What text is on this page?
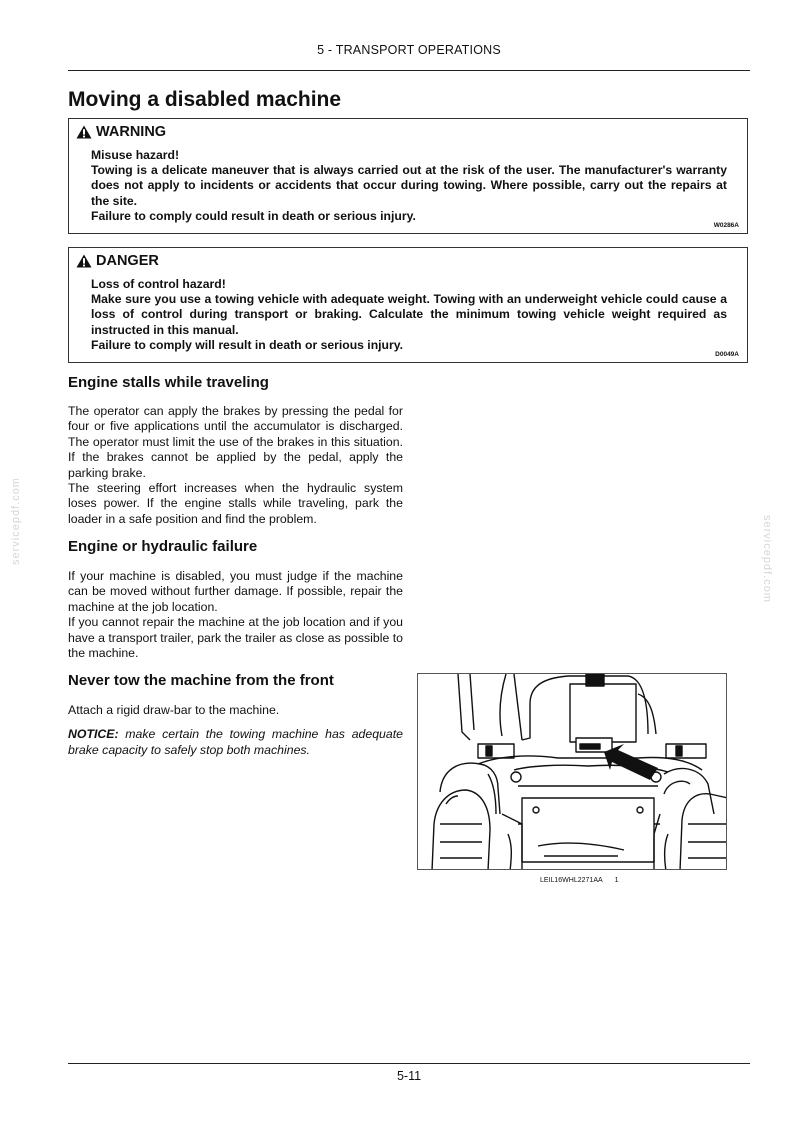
5 - TRANSPORT OPERATIONS
Moving a disabled machine
WARNING

Misuse hazard!

Towing is a delicate maneuver that is always carried out at the risk of the user. The manufacturer's warranty does not apply to incidents or accidents that occur during towing. Where possible, carry out the repairs at the site.

Failure to comply could result in death or serious injury.

W0286A
DANGER

Loss of control hazard!

Make sure you use a towing vehicle with adequate weight. Towing with an underweight vehicle could cause a loss of control during transport or braking. Calculate the minimum towing vehicle weight required as instructed in this manual.

Failure to comply will result in death or serious injury.

D0049A
Engine stalls while traveling

The operator can apply the brakes by pressing the pedal for four or five applications until the accumulator is discharged. The operator must limit the use of the brakes in this situation. If the brakes cannot be applied by the pedal, apply the parking brake.

The steering effort increases when the hydraulic system loses power. If the engine stalls while traveling, park the loader in a safe position and find the problem.

Engine or hydraulic failure

If your machine is disabled, you must judge if the machine can be moved without further damage. If possible, repair the machine at the job location.

If you cannot repair the machine at the job location and if you have a transport trailer, park the trailer as close as possible to the machine.

Never tow the machine from the front

Attach a rigid draw-bar to the machine.

NOTICE: make certain the towing machine has adequate brake capacity to safely stop both machines.

LEIL16WHL2271AA 1
servicepdf.com	servicepdf.com
5-11
